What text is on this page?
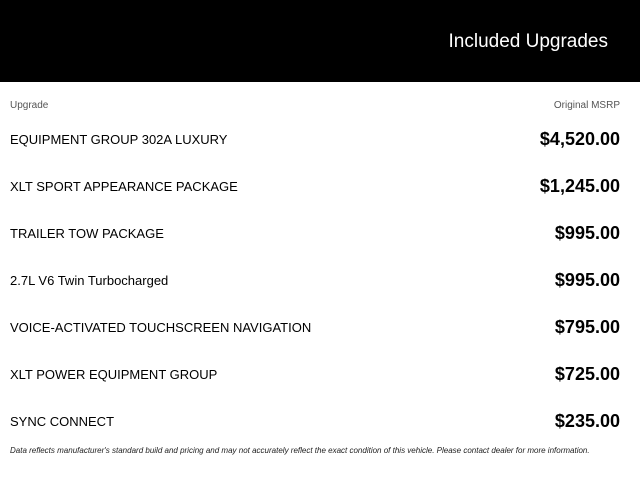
Included Upgrades
Upgrade	Original MSRP
EQUIPMENT GROUP 302A LUXURY	$4,520.00
XLT SPORT APPEARANCE PACKAGE	$1,245.00
TRAILER TOW PACKAGE	$995.00
2.7L V6 Twin Turbocharged	$995.00
VOICE-ACTIVATED TOUCHSCREEN NAVIGATION	$795.00
XLT POWER EQUIPMENT GROUP	$725.00
SYNC CONNECT	$235.00
Data reflects manufacturer's standard build and pricing and may not accurately reflect the exact condition of this vehicle. Please contact dealer for more information.
